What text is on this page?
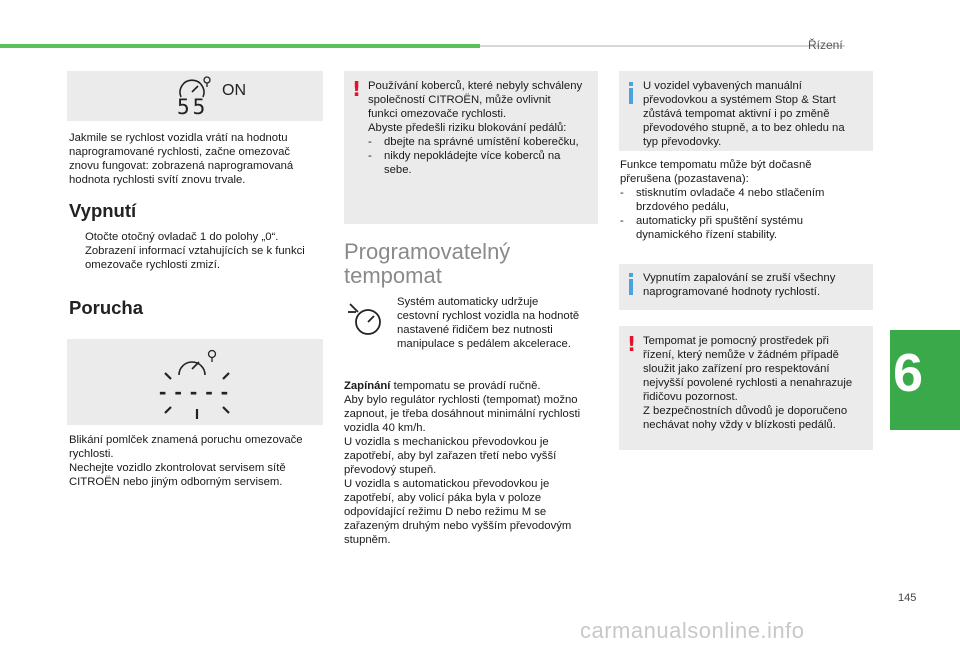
Řízení
6
145
ON
55
Jakmile se rychlost vozidla vrátí na hodnotu
naprogramované rychlosti, začne omezovač
znovu fungovat: zobrazená naprogramovaná
hodnota rychlosti svítí znovu trvale.
Vypnutí
Otočte otočný ovladač 1 do polohy „0“.
Zobrazení informací vztahujících se k funkci
omezovače rychlosti zmizí.
Porucha
- - - - -
Blikání pomlček znamená poruchu omezovače
rychlosti.
Nechejte vozidlo zkontrolovat servisem sítě
CITROËN nebo jiným odborným servisem.
! Používání koberců, které nebyly schváleny
společností CITROËN, může ovlivnit
funkci omezovače rychlosti.
Abyste předešli riziku blokování pedálů:
-	dbejte na správné umístění koberečku,
-	nikdy nepokládejte více koberců na
sebe.
Programovatelný
tempomat
Systém automaticky udržuje
cestovní rychlost vozidla na hodnotě
nastavené řidičem bez nutnosti
manipulace s pedálem akcelerace.
Zapínání tempomatu se provádí ručně.
Aby bylo regulátor rychlosti (tempomat) možno
zapnout, je třeba dosáhnout minimální rychlosti
vozidla 40 km/h.
U vozidla s mechanickou převodovkou je
zapotřebí, aby byl zařazen třetí nebo vyšší
převodový stupeň.
U vozidla s automatickou převodovkou je
zapotřebí, aby volicí páka byla v poloze
odpovídající režimu D nebo režimu M se
zařazeným druhým nebo vyšším převodovým
stupněm.
U vozidel vybavených manuální
převodovkou a systémem Stop & Start
zůstává tempomat aktivní i po změně
převodového stupně, a to bez ohledu na
typ převodovky.
Funkce tempomatu může být dočasně
přerušena (pozastavena):
-	stisknutím ovladače 4 nebo stlačením
brzdového pedálu,
-	automaticky při spuštění systému
dynamického řízení stability.
Vypnutím zapalování se zruší všechny
naprogramované hodnoty rychlostí.
! Tempomat je pomocný prostředek při
řízení, který nemůže v žádném případě
sloužit jako zařízení pro respektování
nejvyšší povolené rychlosti a nenahrazuje
řidičovu pozornost.
Z bezpečnostních důvodů je doporučeno
nechávat nohy vždy v blízkosti pedálů.
carmanualsonline.info
